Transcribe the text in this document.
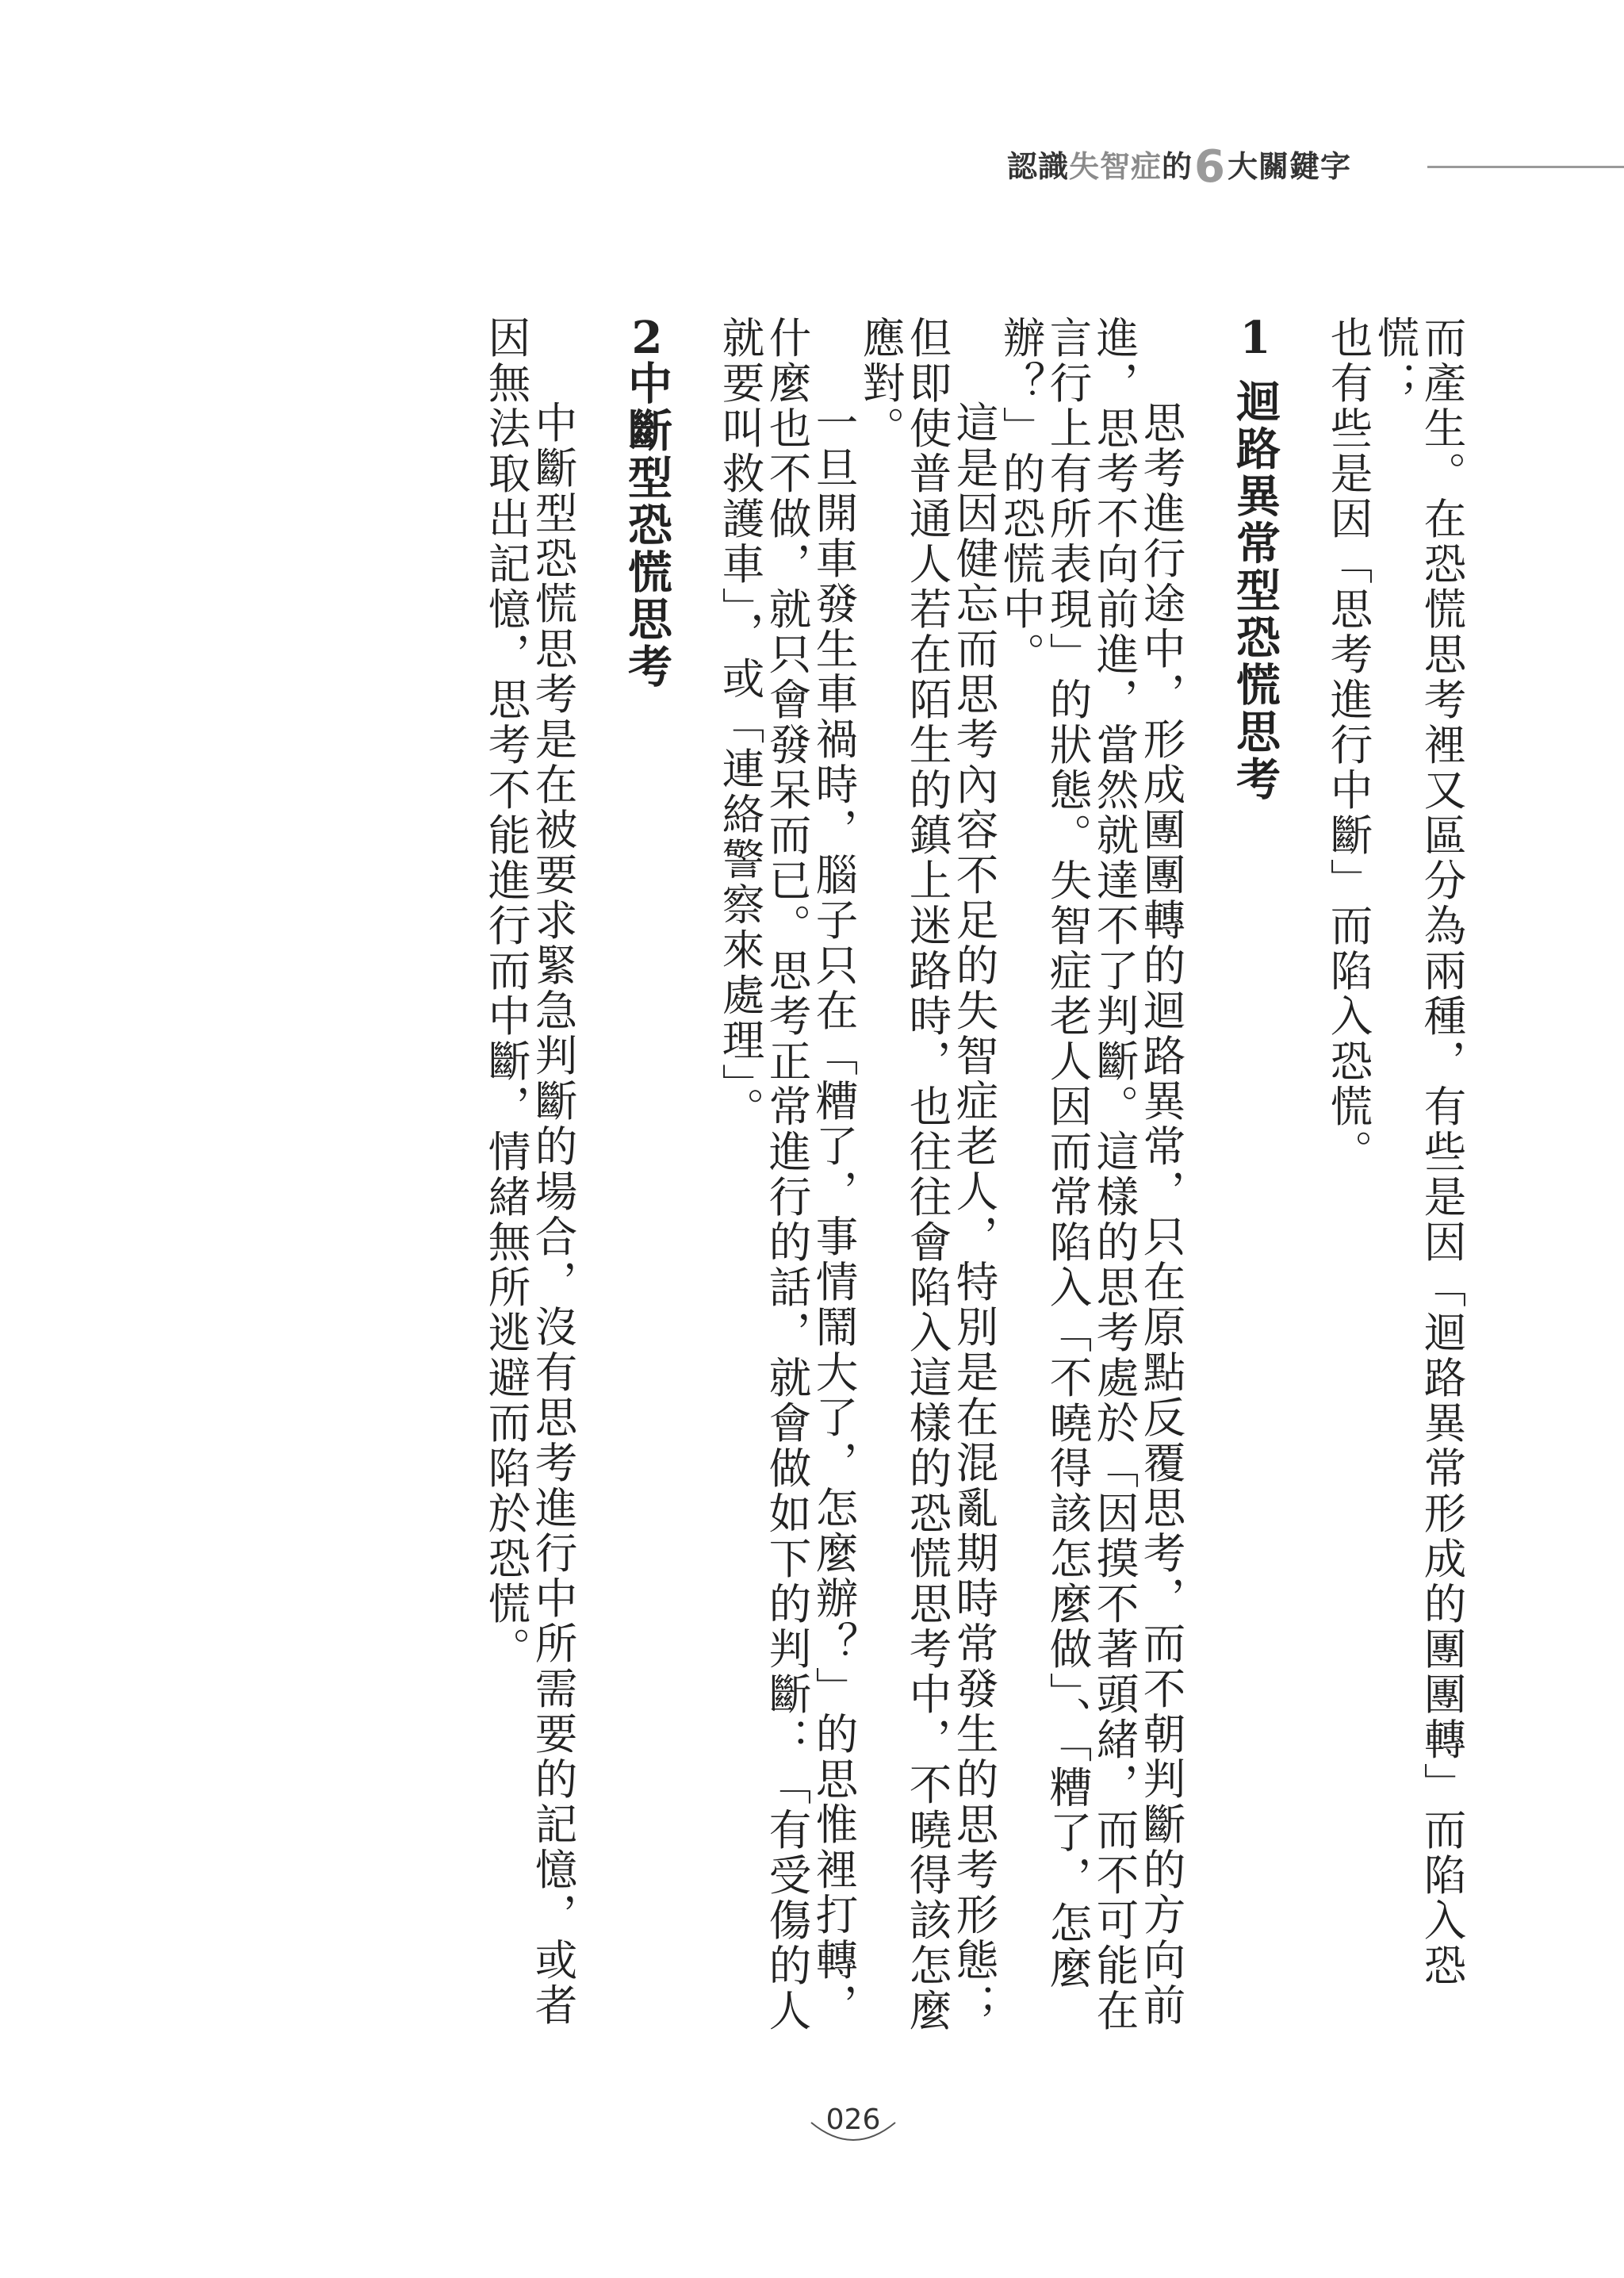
認識失智症的6大關鍵字
而產生。在恐慌思考裡又區分為兩種，有些是因「迴路異常形成的團團轉」而陷入恐慌；
也有些是因「思考進行中斷」而陷入恐慌。
1 迴路異常型恐慌思考
思考進行途中，形成團團轉的迴路異常，只在原點反覆思考，而不朝判斷的方向前進，思考不向前進，當然就達不了判斷。這樣的思考處於「因摸不著頭緒，而不可能在言行上有所表現」的狀態。失智症老人因而常陷入「不曉得該怎麼做」、「糟了，怎麼辦？」的恐慌中。
這是因健忘而思考內容不足的失智症老人，特別是在混亂期時常發生的思考形態；但即使普通人若在陌生的鎮上迷路時，也往往會陷入這樣的恐慌思考中，不曉得該怎麼應對。
一旦開車發生車禍時，腦子只在「糟了，事情鬧大了，怎麼辦？」的思惟裡打轉，什麼也不做，就只會發呆而已。思考正常進行的話，就會做如下的判斷：「有受傷的人就要叫救護車」，或「連絡警察來處理」。
2中斷型恐慌思考
中斷型恐慌思考是在被要求緊急判斷的場合，沒有思考進行中所需要的記憶，或者因無法取出記憶，思考不能進行而中斷，情緒無所逃避而陷於恐慌。
026
